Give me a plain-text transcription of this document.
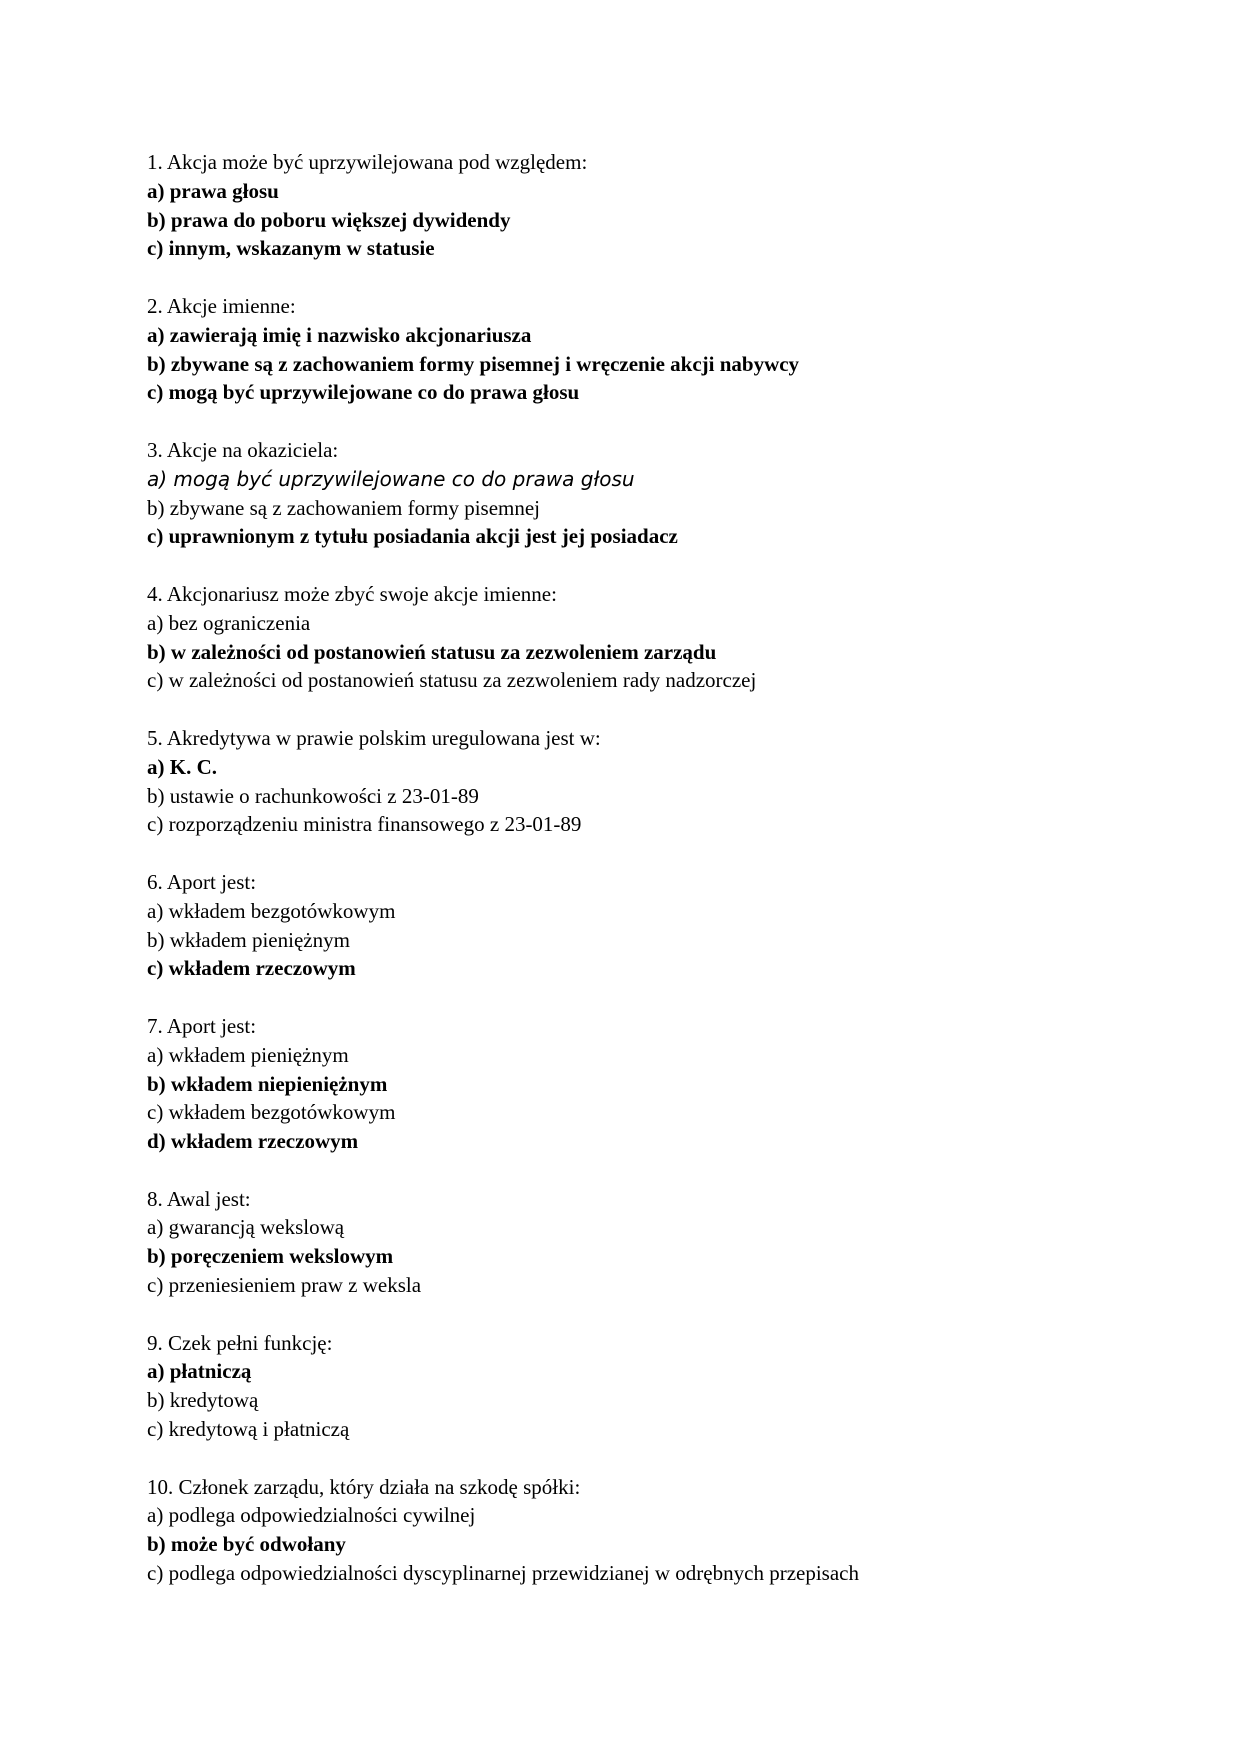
1. Akcja może być uprzywilejowana pod względem:
a) prawa głosu
b) prawa do poboru większej dywidendy
c) innym, wskazanym w statusie
2. Akcje imienne:
a) zawierają imię i nazwisko akcjonariusza
b) zbywane są z zachowaniem formy pisemnej i wręczenie akcji nabywcy
c) mogą być uprzywilejowane co do prawa głosu
3. Akcje na okaziciela:
a) mogą być uprzywilejowane co do prawa głosu
b) zbywane są z zachowaniem formy pisemnej
c) uprawnionym z tytułu posiadania akcji jest jej posiadacz
4. Akcjonariusz może zbyć swoje akcje imienne:
a) bez ograniczenia
b) w zależności od postanowień statusu za zezwoleniem zarządu
c) w zależności od postanowień statusu za zezwoleniem rady nadzorczej
5. Akredytywa w prawie polskim uregulowana jest w:
a) K. C.
b) ustawie o rachunkowości z 23-01-89
c) rozporządzeniu ministra finansowego z 23-01-89
6. Aport jest:
a) wkładem bezgotówkowym
b) wkładem pieniężnym
c) wkładem rzeczowym
7. Aport jest:
a) wkładem pieniężnym
b) wkładem niepieniężnym
c) wkładem bezgotówkowym
d) wkładem rzeczowym
8. Awal jest:
a) gwarancją wekslową
b) poręczeniem wekslowym
c) przeniesieniem praw z weksla
9. Czek pełni funkcję:
a) płatniczą
b) kredytową
c) kredytową i płatniczą
10. Członek zarządu, który działa na szkodę spółki:
a) podlega odpowiedzialności cywilnej
b) może być odwołany
c) podlega odpowiedzialności dyscyplinarnej przewidzianej w odrębnych przepisach
